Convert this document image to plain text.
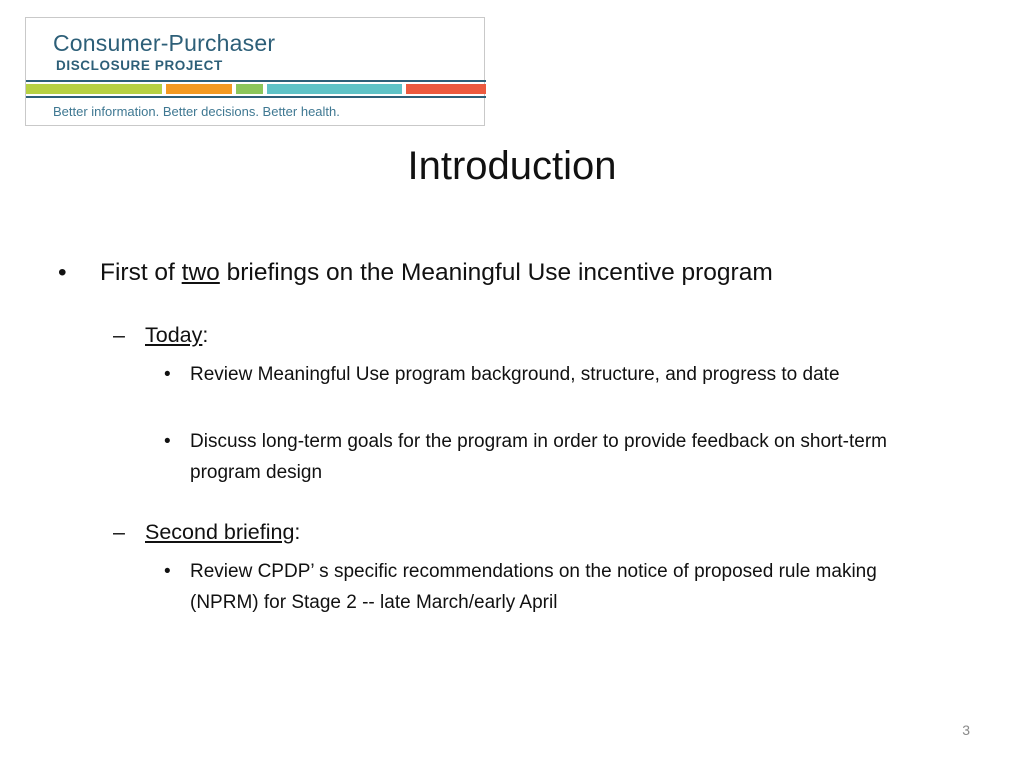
Consumer-Purchaser
DISCLOSURE PROJECT
Better information. Better decisions. Better health.
Introduction
• First of two briefings on the Meaningful Use incentive program
– Today:
• Review Meaningful Use program background, structure, and progress to date
• Discuss long-term goals for the program in order to provide feedback on short-term program design
– Second briefing:
• Review CPDP’ s specific recommendations on the notice of proposed rule making (NPRM) for Stage 2 -- late March/early April
3
